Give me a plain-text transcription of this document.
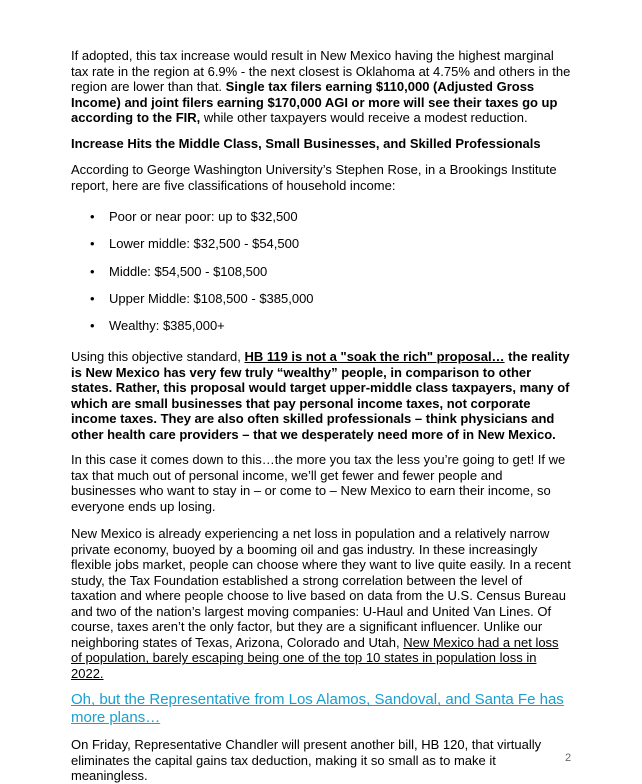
If adopted, this tax increase would result in New Mexico having the highest marginal tax rate in the region at 6.9% - the next closest is Oklahoma at 4.75% and others in the region are lower than that. Single tax filers earning $110,000 (Adjusted Gross Income) and joint filers earning $170,000 AGI or more will see their taxes go up according to the FIR, while other taxpayers would receive a modest reduction.

Increase Hits the Middle Class, Small Businesses, and Skilled Professionals

According to George Washington University’s Stephen Rose, in a Brookings Institute report, here are five classifications of household income:

• Poor or near poor: up to $32,500
• Lower middle: $32,500 - $54,500
• Middle: $54,500 - $108,500
• Upper Middle: $108,500 - $385,000
• Wealthy: $385,000+

Using this objective standard, HB 119 is not a "soak the rich" proposal… the reality is New Mexico has very few truly “wealthy” people, in comparison to other states. Rather, this proposal would target upper-middle class taxpayers, many of which are small businesses that pay personal income taxes, not corporate income taxes. They are also often skilled professionals – think physicians and other health care providers – that we desperately need more of in New Mexico.

In this case it comes down to this…the more you tax the less you’re going to get! If we tax that much out of personal income, we’ll get fewer and fewer people and businesses who want to stay in – or come to – New Mexico to earn their income, so everyone ends up losing.

New Mexico is already experiencing a net loss in population and a relatively narrow private economy, buoyed by a booming oil and gas industry. In these increasingly flexible jobs market, people can choose where they want to live quite easily. In a recent study, the Tax Foundation established a strong correlation between the level of taxation and where people choose to live based on data from the U.S. Census Bureau and two of the nation’s largest moving companies: U-Haul and United Van Lines. Of course, taxes aren’t the only factor, but they are a significant influencer. Unlike our neighboring states of Texas, Arizona, Colorado and Utah, New Mexico had a net loss of population, barely escaping being one of the top 10 states in population loss in 2022.

Oh, but the Representative from Los Alamos, Sandoval, and Santa Fe has more plans…

On Friday, Representative Chandler will present another bill, HB 120, that virtually eliminates the capital gains tax deduction, making it so small as to make it meaningless.

2
